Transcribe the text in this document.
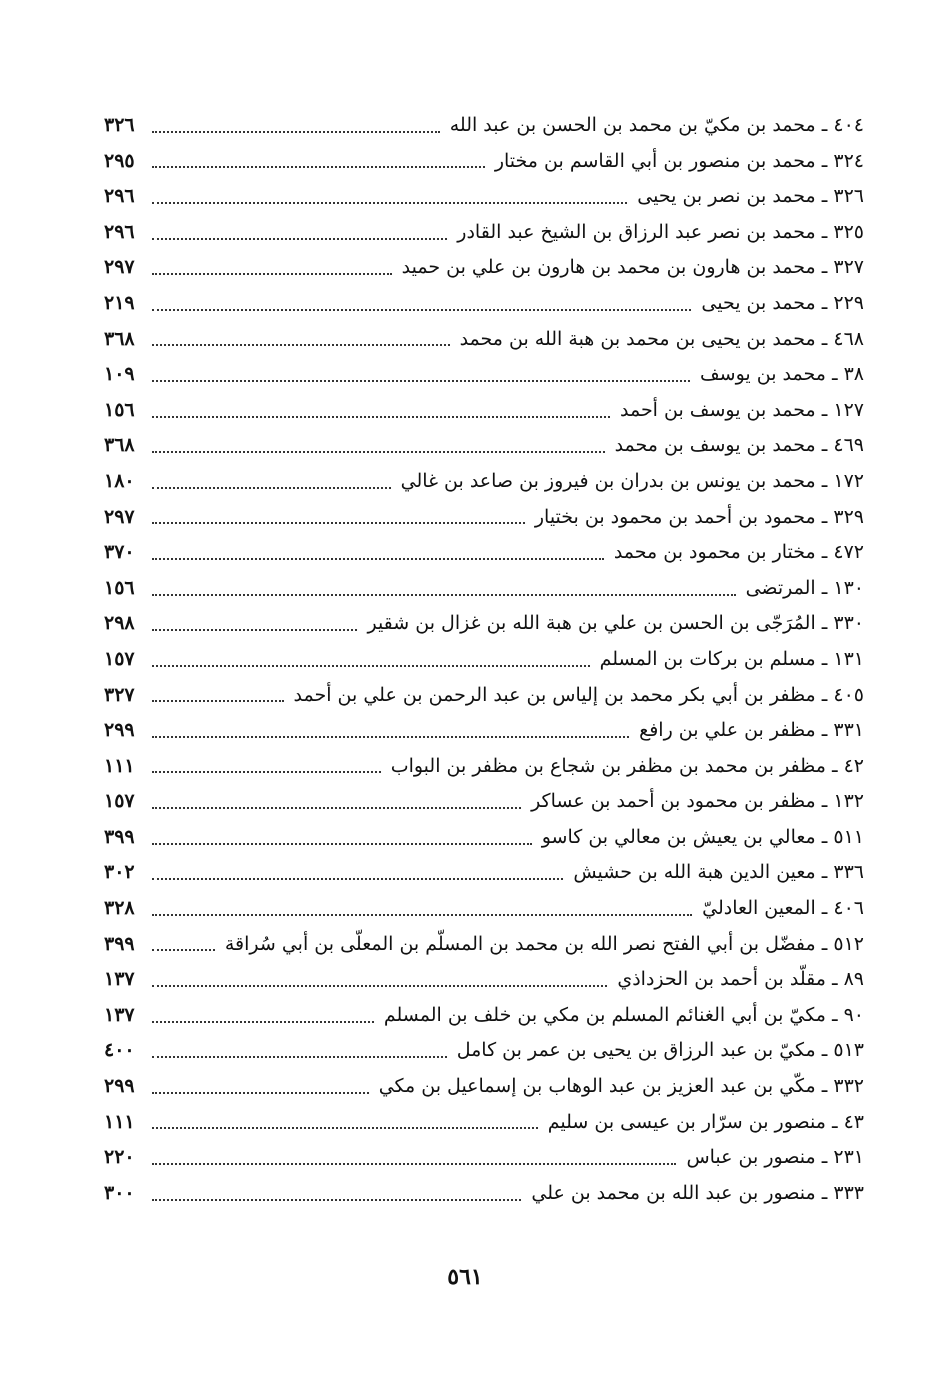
٤٠٤ ـ محمد بن مكيّ بن محمد بن الحسن بن عبد الله
٣٢٦
٣٢٤ ـ محمد بن منصور بن أبي القاسم بن مختار
٢٩٥
٣٢٦ ـ محمد بن نصر بن يحيى
٢٩٦
٣٢٥ ـ محمد بن نصر عبد الرزاق بن الشيخ عبد القادر
٢٩٦
٣٢٧ ـ محمد بن هارون بن محمد بن هارون بن علي بن حميد
٢٩٧
٢٢٩ ـ محمد بن يحيى
٢١٩
٤٦٨ ـ محمد بن يحيى بن محمد بن هبة الله بن محمد
٣٦٨
٣٨ ـ محمد بن يوسف
١٠٩
١٢٧ ـ محمد بن يوسف بن أحمد
١٥٦
٤٦٩ ـ محمد بن يوسف بن محمد
٣٦٨
١٧٢ ـ محمد بن يونس بن بدران بن فيروز بن صاعد بن غالي
١٨٠
٣٢٩ ـ محمود بن أحمد بن محمود بن بختيار
٢٩٧
٤٧٢ ـ مختار بن محمود بن محمد
٣٧٠
١٣٠ ـ المرتضى
١٥٦
٣٣٠ ـ المُرَجّى بن الحسن بن علي بن هبة الله بن غزال بن شقير
٢٩٨
١٣١ ـ مسلم بن بركات بن المسلم
١٥٧
٤٠٥ ـ مظفر بن أبي بكر محمد بن إلياس بن عبد الرحمن بن علي بن أحمد
٣٢٧
٣٣١ ـ مظفر بن علي بن رافع
٢٩٩
٤٢ ـ مظفر بن محمد بن مظفر بن شجاع بن مظفر بن البواب
١١١
١٣٢ ـ مظفر بن محمود بن أحمد بن عساكر
١٥٧
٥١١ ـ معالي بن يعيش بن معالي بن كاسو
٣٩٩
٣٣٦ ـ معين الدين هبة الله بن حشيش
٣٠٢
٤٠٦ ـ المعين العادليّ
٣٢٨
٥١٢ ـ مفضّل بن أبي الفتح نصر الله بن محمد بن المسلّم بن المعلّى بن أبي سُراقة
٣٩٩
٨٩ ـ مقلّد بن أحمد بن الحزداذي
١٣٧
٩٠ ـ مكيّ بن أبي الغنائم المسلم بن مكي بن خلف بن المسلم
١٣٧
٥١٣ ـ مكيّ بن عبد الرزاق بن يحيى بن عمر بن كامل
٤٠٠
٣٣٢ ـ مكّي بن عبد العزيز بن عبد الوهاب بن إسماعيل بن مكي
٢٩٩
٤٣ ـ منصور بن سرّار بن عيسى بن سليم
١١١
٢٣١ ـ منصور بن عباس
٢٢٠
٣٣٣ ـ منصور بن عبد الله بن محمد بن علي
٣٠٠
٥٦١
